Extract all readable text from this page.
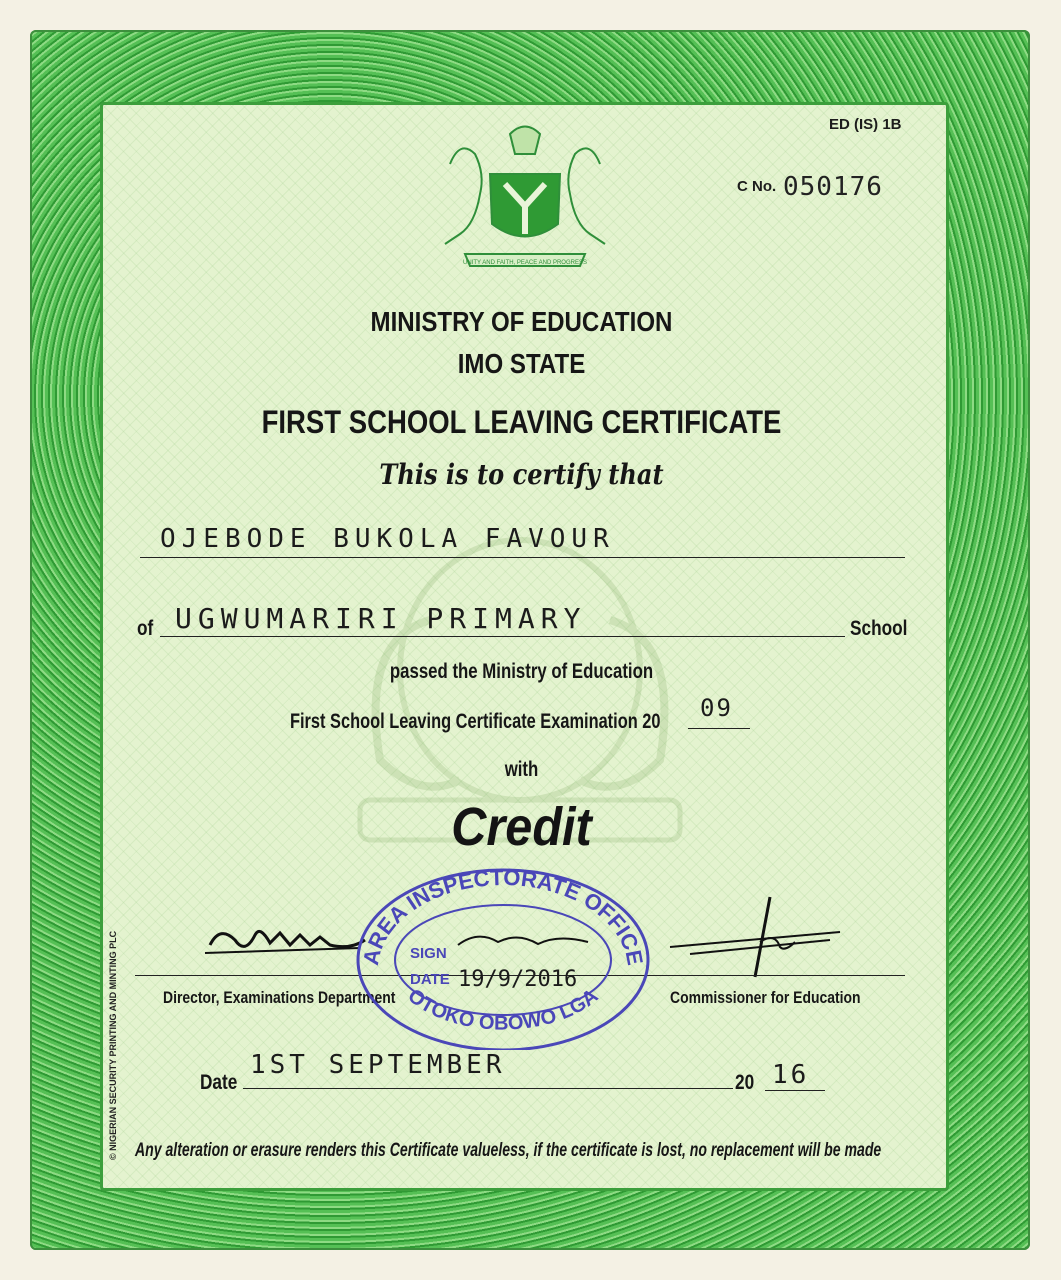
UNITY AND FAITH, PEACE AND PROGRESS
ED (IS) 1B
C No. 050176
MINISTRY OF EDUCATION
IMO STATE
FIRST SCHOOL LEAVING CERTIFICATE
This is to certify that
OJEBODE BUKOLA FAVOUR
of UGWUMARIRI PRIMARY	School
passed the Ministry of Education
First School Leaving Certificate Examination 20 09
with
Credit
Director, Examinations Department	Commissioner for Education
AREA INSPECTORATE OFFICE
OTOKO OBOWO LGA
SIGN
DATE 19/9/2016
Date
1ST SEPTEMBER
20 16
Any alteration or erasure renders this Certificate valueless, if the certificate is lost, no replacement will be made
© NIGERIAN SECURITY PRINTING AND MINTING PLC
